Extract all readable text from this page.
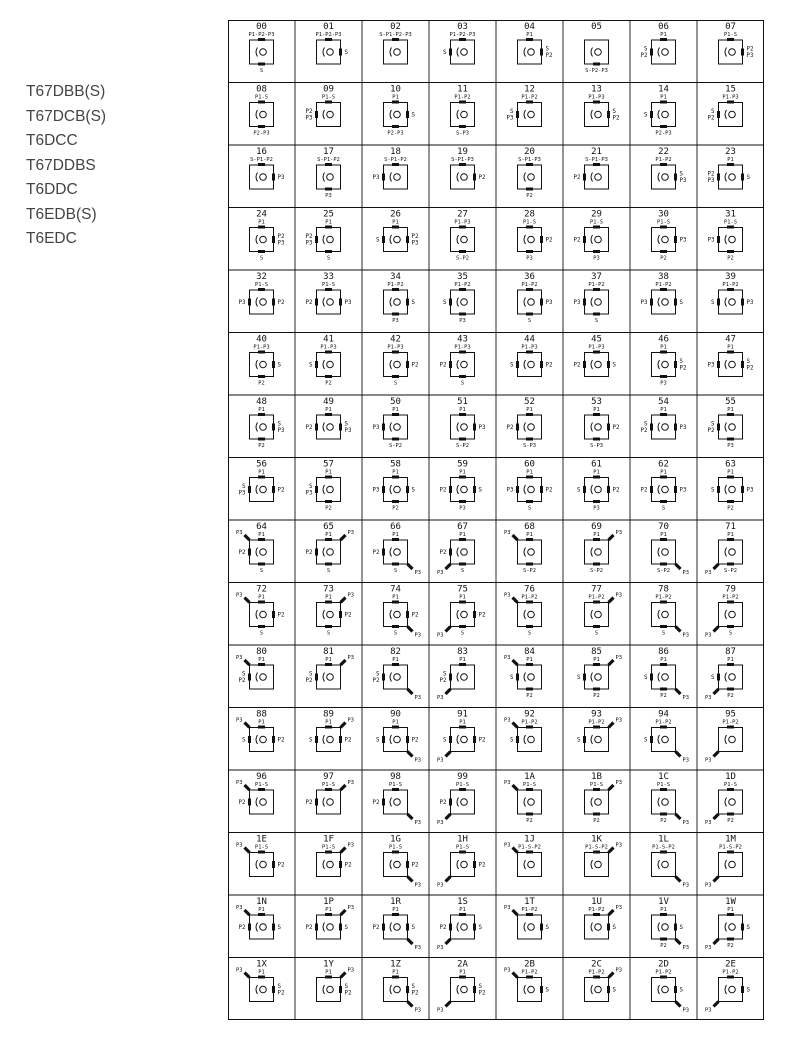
T67DBB(S)
T67DCB(S)
T6DCC
T67DDBS
T6DDC
T6EDB(S)
T6EDC
00
P1-P2-P3
S
01
P1-P2-P3
S
02
S-P1-P2-P3
03
P1-P2-P3
S
04
P1
S
P2
05
S-P2-P3
06
P1
S
P2
07
P1-S
P2
P3
08
P1-S
P2-P3
09
P1-S
P2
P3
10
P1
S
P2-P3
11
P1-P2
S-P3
12
P1-P2
S
P3
13
P1-P3
S
P2
14
P1
S
P2-P3
15
P1-P3
S
P2
16
S-P1-P2
P3
17
S-P1-P2
P3
18
S-P1-P2
P3
19
S-P1-P3
P2
20
S-P1-P3
P2
21
S-P1-P3
P2
22
P1-P2
S
P3
23
P1
S
P2
P3
24
P1
P2
P3
S
25
P1
P2
P3
S
26
P1
P2
P3
S
27
P1-P3
S-P2
28
P1-S
P2
P3
29
P1-S
P2
P3
30
P1-S
P3
P2
31
P1-S
P3
P2
32
P1-S
P2
P3
33
P1-S
P3
P2
34
P1-P2
S
P3
35
P1-P2
S
P3
36
P1-P2
P3
S
37
P1-P2
P3
S
38
P1-P2
S
P3
39
P1-P2
P3
S
40
P1-P3
S
P2
41
P1-P3
S
P2
42
P1-P3
P2
S
43
P1-P3
P2
S
44
P1-P3
P2
S
45
P1-P3
S
P2
46
P1
S
P2
P3
47
P1
S
P2
P3
48
P1
S
P3
P2
49
P1
S
P3
P2
50
P1
P3
S-P2
51
P1
P3
S-P2
52
P1
P2
S-P3
53
P1
P2
S-P3
54
P1
P3
S
P2
55
P1
S
P2
P3
56
P1
P2
S
P3
57
P1
S
P3
P2
58
P1
S
P3
P2
59
P1
S
P2
P3
60
P1
P2
P3
S
61
P1
P2
S
P3
62
P1
P3
P2
S
63
P1
P3
S
P2
64
P1
P2
S
P3
65
P1
P2
S
P3
66
P1
P2
S	P3
67
P1
P2
S
P3
68
P1
S-P2
P3
69
P1
S-P2
P3
70
P1
S-P2 P3
71
P1
S-P2
P3
72
P1
P2
S
P3
73
P1
P2
S
P3
74
P1
P2
S	P3
75
P1
P2
S
P3
76
P1-P2
S
P3
77
P1-P2
S
P3
78
P1-P2
S	P3
79
P1-P2
S
P3
80
P1
S
P2
P3
81
P1
S
P2
P3
82
P1
S
P2
P3
83
P1
S
P2
P3
84
P1
S
P2
P3
85
P1
S
P2
P3
86
P1
S
P2	P3
87
P1
S
P2
P3
88
P1
P2
S
P3
89
P1
P2
S
P3
90
P1
P2
S
P3
91
P1
P2
S
P3
92
P1-P2
S
P3
93
P1-P2
S
P3
94
P1-P2
S
P3
95
P1-P2
P3
96
P1-S
P2
P3
97
P1-S
P2
P3
98
P1-S
P2
P3
99
P1-S
P2
P3
1A
P1-S
P2
P3
1B
P1-S
P2
P3
1C
P1-S
P2	P3
1D
P1-S
P2
P3
1E
P1-S
P2
P3
1F
P1-S
P2
P3
1G
P1-S
P2
P3
1H
P1-S
P2
P3
1J
P1-S-P2
P3
1K
P1-S-P2 P3
1L
P1-S-P2
P3
1M
P1-S-P2
P3
1N
P1
S
P2
P3
1P
P1
S
P2
P3
1R
P1
S
P2
P3
1S
P1
S
P2
P3
1T
P1-P2
S
P3
1U
P1-P2
S
P3
1V
P1
S
P2	P3
1W
P1
S
P2
P3
1X
P1
S
P2
P3
1Y
P1
S
P2
P3
1Z
P1
S
P2
P3
2A
P1
S
P2
P3
2B
P1-P2
S
P3
2C
P1-P2
S
P3
2D
P1-P2
S
P3
2E
P1-P2
S
P3
